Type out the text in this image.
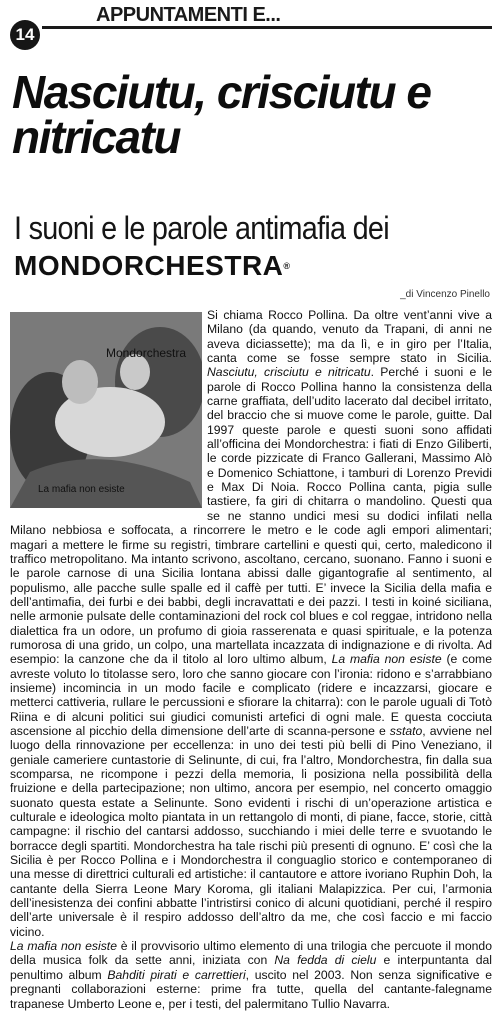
14
APPUNTAMENTI E...
Nasciutu, crisciutu e nitricatu
I suoni e le parole antimafia dei
MONDORCHESTRA®
_di Vincenzo Pinello
Mondorchestra
La mafia non esiste

Si chiama Rocco Pollina. Da oltre vent’anni vive a Milano (da quando, venuto da Trapani, di anni ne aveva diciassette); ma da lì, e in giro per l’Italia, canta come se fosse sempre stato in Sicilia. Nasciutu, crisciutu e nitricatu. Perché i suoni e le parole di Rocco Pollina hanno la consistenza della carne graffiata, dell’udito lacerato dal decibel irritato, del braccio che si muove come le parole, guitte. Dal 1997 queste parole e questi suoni sono affidati all’officina dei Mondorchestra: i fiati di Enzo Giliberti, le corde pizzicate di Franco Gallerani, Massimo Alò e Domenico Schiattone, i tamburi di Lorenzo Previdi e Max Di Noia. Rocco Pollina canta, pigia sulle tastiere, fa giri di chitarra o mandolino. Questi qua se ne stanno undici mesi su dodici infilati nella Milano nebbiosa e soffocata, a rincorrere le metro e le code agli empori alimentari; magari a mettere le firme su registri, timbrare cartellini e questi qui, certo, maledicono il traffico metropolitano. Ma intanto scrivono, ascoltano, cercano, suonano. Fanno i suoni e le parole carnose di una Sicilia lontana abissi dalle gigantografie al sentimento, al populismo, alle pacche sulle spalle ed il caffè per tutti. E’ invece la Sicilia della mafia e dell’antimafia, dei furbi e dei babbi, degli incravattati e dei pazzi. I testi in koiné siciliana, nelle armonie pulsate delle contaminazioni del rock col blues e col reggae, intridono nella dialettica fra un odore, un profumo di gioia rasserenata e quasi spirituale, e la potenza rumorosa di una grido, un colpo, una martellata incazzata di indignazione e di rivolta. Ad esempio: la canzone che da il titolo al loro ultimo album, La mafia non esiste (e come avreste voluto lo titolasse sero, loro che sanno giocare con l’ironia: ridono e s’arrabbiano insieme) incomincia in un modo facile e complicato (ridere e incazzarsi, giocare e metterci cattiveria, rullare le percussioni e sfiorare la chitarra): con le parole uguali di Totò Riina e di alcuni politici sui giudici comunisti artefici di ogni male. E questa cocciuta ascensione al picchio della dimensione dell’arte di scanna-persone e sstato, avviene nel luogo della rinnovazione per eccellenza: in uno dei testi più belli di Pino Veneziano, il geniale cameriere cuntastorie di Selinunte, di cui, fra l’altro, Mondorchestra, fin dalla sua scomparsa, ne ricompone i pezzi della memoria, li posiziona nella possibilità della fruizione e della partecipazione; non ultimo, ancora per esempio, nel concerto omaggio suonato questa estate a Selinunte. Sono evidenti i rischi di un’operazione artistica e culturale e ideologica molto piantata in un rettangolo di monti, di piane, facce, storie, città campagne: il rischio del cantarsi addosso, succhiando i miei delle terre e svuotando le borracce degli spartiti. Mondorchestra ha tale rischi più presenti di ognuno. E’ così che la Sicilia è per Rocco Pollina e i Mondorchestra il conguaglio storico e contemporaneo di una messe di direttrici culturali ed artistiche: il cantautore e attore ivoriano Ruphin Doh, la cantante della Sierra Leone Mary Koroma, gli italiani Malapizzica. Per cui, l’armonia dell’inesistenza dei confini abbatte l’intristirsi conico di alcuni quotidiani, perché il respiro dell’arte universale è il respiro addosso dell’altro da me, che così faccio e mi faccio vicino.

La mafia non esiste è il provvisorio ultimo elemento di una trilogia che percuote il mondo della musica folk da sette anni, iniziata con Na fedda di cielu e interpuntanta dal penultimo album Bahditi pirati e carrettieri, uscito nel 2003. Non senza significative e pregnanti collaborazioni esterne: prime fra tutte, quella del cantante-falegname trapanese Umberto Leone e, per i testi, del palermitano Tullio Navarra.
